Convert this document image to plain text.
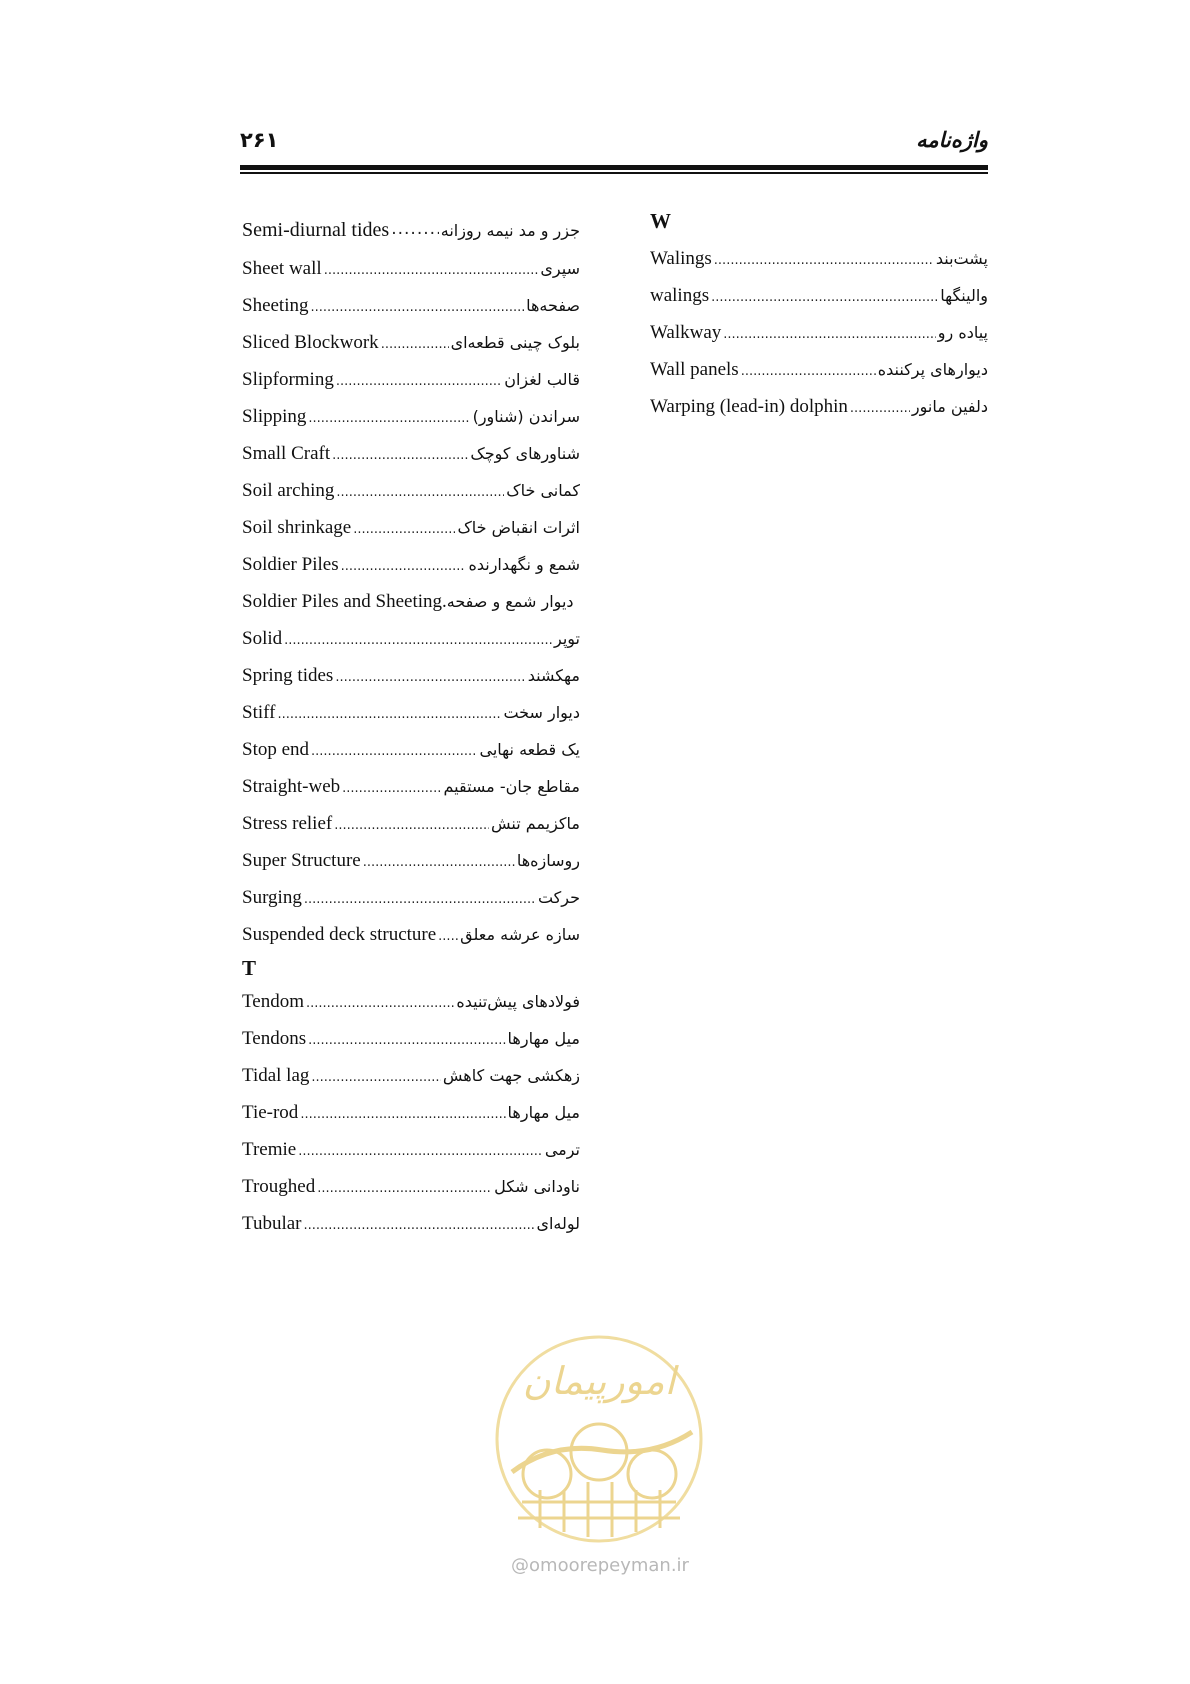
۲۶۱	واژه‌نامه
Semi-diurnal tides .....	جزر و مد نیمه روزانه
Sheet wall .....	سپری
Sheeting .....	صفحه‌ها
Sliced Blockwork .....	بلوک چینی قطعه‌ای
Slipforming .....	قالب لغزان
Slipping .....	سراندن (شناور)
Small Craft .....	شناورهای کوچک
Soil arching .....	کمانی خاک
Soil shrinkage .....	اثرات انقباض خاک
Soldier Piles .....	شمع و نگهدارنده
Soldier Piles and Sheeting. دیوار شمع و صفحه
Solid .....	توپر
Spring tides .....	مهکشند
Stiff .....	دیوار سخت
Stop end .....	یک قطعه نهایی
Straight-web .....	مقاطع جان- مستقیم
Stress relief .....	ماکزیمم تنش
Super Structure .....	روسازه‌ها
Surging .....	حرکت
Suspended deck structure ..... سازه عرشه معلق
T
Tendom .....	فولادهای پیش‌تنیده
Tendons .....	میل مهارها
Tidal lag .....	زهکشی جهت کاهش
Tie-rod .....	میل مهارها
Tremie .....	ترمی
Troughed .....	ناودانی شکل
Tubular .....	لوله‌ای
W
Walings .....	پشت‌بند
walings .....	والینگها
Walkway .....	پیاده رو
Wall panels .....	دیوارهای پرکننده
Warping (lead-in) dolphin .....	دلفین مانور
امورپیمان
@omoorepeyman.ir
